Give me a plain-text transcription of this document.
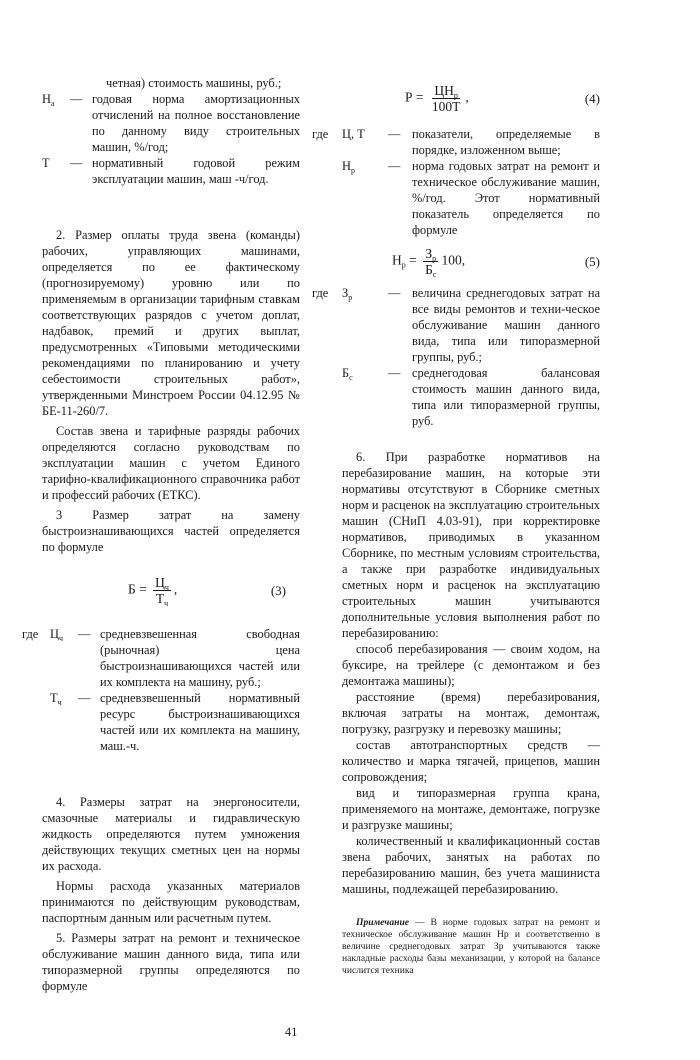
четная) стоимость машины, руб.;

$Н_а$	— годовая норма амортизационных отчислений на полное восстановление по данному виду строительных машин, %/год;
Т	— нормативный годовой режим эксплуатации машин, маш -ч/год.

2. Размер оплаты труда звена (команды) рабочих, управляющих машинами, определяется по ее фактическому (прогнозируемому) уровню или по применяемым в организации тарифным ставкам соответствующих разрядов с учетом доплат, надбавок, премий и других выплат, предусмотренных «Типовыми методическими рекомендациями по планированию и учету себестоимости строительных работ», утвержденными Минстроем России 04.12.95 № БЕ-11-260/7.

Состав звена и тарифные разряды рабочих определяются согласно руководствам по эксплуатации машин с учетом Единого тарифно-квалификационного справочника работ и профессий рабочих (ЕТКС).

3 Размер затрат на замену быстроизнашивающихся частей определяется по формуле

$Б = \frac{Ц_ч}{Т_ч}$ ,	(3)
где $Ц_ч$	— средневзвешенная свободная (рыночная) цена быстроизнашивающихся частей или их комплекта на машину, руб.;
$Т_ч$	— средневзвешенный нормативный ресурс быстроизнашивающихся частей или их комплекта на машину, маш.-ч.

4. Размеры затрат на энергоносители, смазочные материалы и гидравлическую жидкость определяются путем умножения действующих текущих сметных цен на нормы их расхода.

Нормы расхода указанных материалов принимаются по действующим руководствам, паспортным данным или расчетным путем.

5. Размеры затрат на ремонт и техническое обслуживание машин данного вида, типа или типоразмерной группы определяются по формуле

$Р = \frac{ЦН_р}{100Т}$ ,	(4)
где	Ц, Т	— показатели, определяемые в порядке, изложенном выше;
$Н_р$	— норма годовых затрат на ремонт и техническое обслуживание машин, %/год. Этот нормативный показатель определяется по формуле
$Н_р = \frac{З_р}{Б_с} 100$,	(5)
где	$З_р$	— величина среднегодовых затрат на все виды ремонтов и техни-ческое обслуживание машин данного вида, типа или типоразмерной группы, руб.;
$Б_с$	— среднегодовая балансовая стоимость машин данного вида, типа или типоразмерной группы, руб.

6. При разработке нормативов на перебазирование машин, на которые эти нормативы отсутствуют в Сборнике сметных норм и расценок на эксплуатацию строительных машин (СНиП 4.03-91), при корректировке нормативов, приводимых в указанном Сборнике, по местным условиям строительства, а также при разработке индивидуальных сметных норм и расценок на эксплуатацию строительных машин учитываются дополнительные условия выполнения работ по перебазированию:

способ перебазирования — своим ходом, на буксире, на трейлере (с демонтажом и без демонтажа машины);

расстояние (время) перебазирования, включая затраты на монтаж, демонтаж, погрузку, разгрузку и перевозку машины;

состав автотранспортных средств — количество и марка тягачей, прицепов, машин сопровождения;

вид и типоразмерная группа крана, применяемого на монтаже, демонтаже, погрузке и разгрузке машины;

количественный и квалификационный состав звена рабочих, занятых на работах по перебазированию машин, без учета машиниста машины, подлежащей перебазированию.

Примечание — В норме годовых затрат на ремонт и техническое обслуживание машин Нр и соответственно в величине среднегодовых затрат Зр учитываются также накладные расходы базы механизации, у которой на балансе числится техника

41
